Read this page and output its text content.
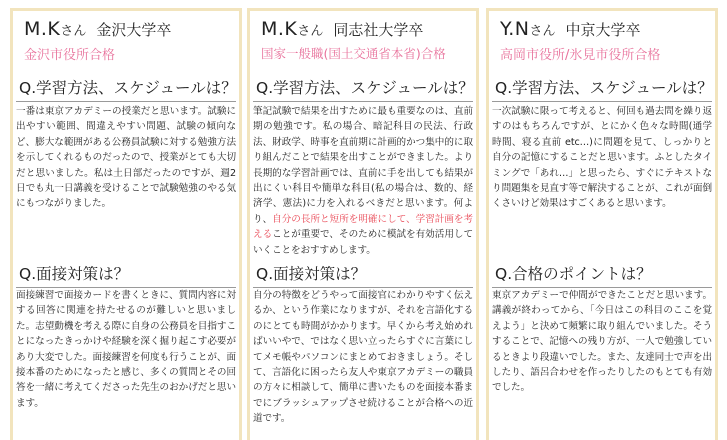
M.Kさん 金沢大学卒
金沢市役所合格
Q.学習方法、スケジュールは？
一番は東京アカデミーの授業だと思います。試験に出やすい範囲、間違えやすい問題、試験の傾向など、膨大な範囲がある公務員試験に対する勉強方法を示してくれるものだったので、授業がとても大切だと思いました。私は土日部だったのですが、週2日でも丸一日講義を受けることで試験勉強のやる気にもつながりました。
Q.面接対策は？
面接練習で面接カードを書くときに、質問内容に対する回答に関連を持たせるのが難しいと思いました。志望動機を考える際に自身の公務員を目指すことになったきっかけや経験を深く掘り起こす必要があり大変でした。面接練習を何度も行うことが、面接本番のためになったと感じ、多くの質問とその回答を一緒に考えてくださった先生のおかげだと思います。
M.Kさん 同志社大学卒
国家一般職(国土交通省本省)合格
Q.学習方法、スケジュールは？
筆記試験で結果を出すために最も重要なのは、直前期の勉強です。私の場合、暗記科目の民法、行政法、財政学、時事を直前期に計画的かつ集中的に取り組んだことで結果を出すことができました。より長期的な学習計画では、直前に手を出しても結果が出にくい科目や簡単な科目(私の場合は、数的、経済学、憲法)に力を入れるべきだと思います。何より、自分の長所と短所を明確にして、学習計画を考えることが重要で、そのために模試を有効活用していくことをおすすめします。
Q.面接対策は？
自分の特徴をどうやって面接官にわかりやすく伝えるか、という作業になりますが、それを言語化するのにとても時間がかかります。早くから考え始めればいいやで、ではなく思い立ったらすぐに言葉にしてメモ帳やパソコンにまとめておきましょう。そして、言語化に困ったら友人や東京アカデミーの職員の方々に相談して、簡単に書いたものを面接本番までにブラッシュアップさせ続けることが合格への近道です。
Y.Nさん 中京大学卒
高岡市役所/氷見市役所合格
Q.学習方法、スケジュールは？
一次試験に限って考えると、何回も過去問を繰り返すのはもちろんですが、とにかく色々な時間(通学時間、寝る直前 etc…)に問題を見て、しっかりと自分の記憶にすることだと思います。ふとしたタイミングで「あれ…」と思ったら、すぐにテキストなり問題集を見直す等で解決することが、これが面倒くさいけど効果はすごくあると思います。
Q.合格のポイントは？
東京アカデミーで仲間ができたことだと思います。講義が終わってから、「今日はこの科目のここを覚えよう」と決めて頻繁に取り組んでいました。そうすることで、記憶への残り方が、一人で勉強しているときより段違いでした。また、友達同士で声を出したり、語呂合わせを作ったりしたのもとても有効でした。
